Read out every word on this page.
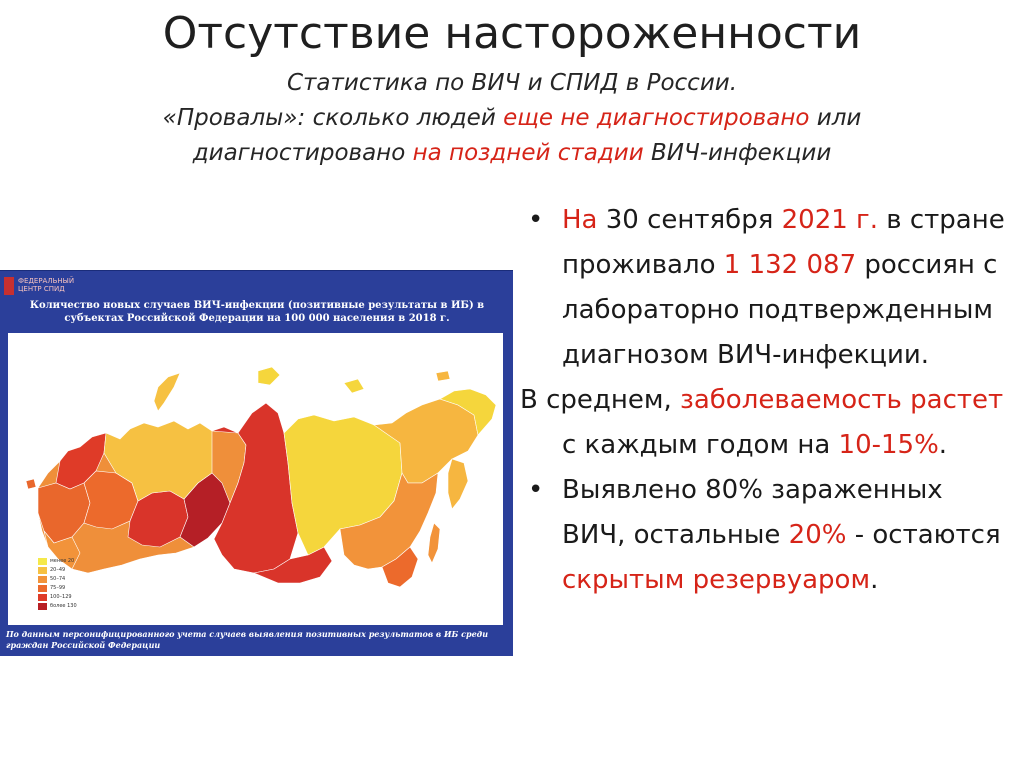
Отсутствие настороженности
Статистика по ВИЧ и СПИД в России.
«Провалы»: сколько людей еще не диагностировано или
диагностировано на поздней стадии ВИЧ-инфекции
ФЕДЕРАЛЬНЫЙ ЦЕНТР СПИД
Количество новых случаев ВИЧ-инфекции (позитивные результаты в ИБ) в субъектах Российской Федерации на 100 000 населения в 2018 г.
менее 20
20–49
50–74
75–99
100–129
более 130
По данным персонифицированного учета случаев выявления позитивных результатов в ИБ среди граждан Российской Федерации
• На 30 сентября 2021 г. в стране проживало 1 132 087 россиян с лабораторно подтвержденным диагнозом ВИЧ-инфекции.
В среднем, заболеваемость растет с каждым годом на 10-15%.
• Выявлено 80% зараженных ВИЧ, остальные 20% - остаются скрытым резервуаром.
